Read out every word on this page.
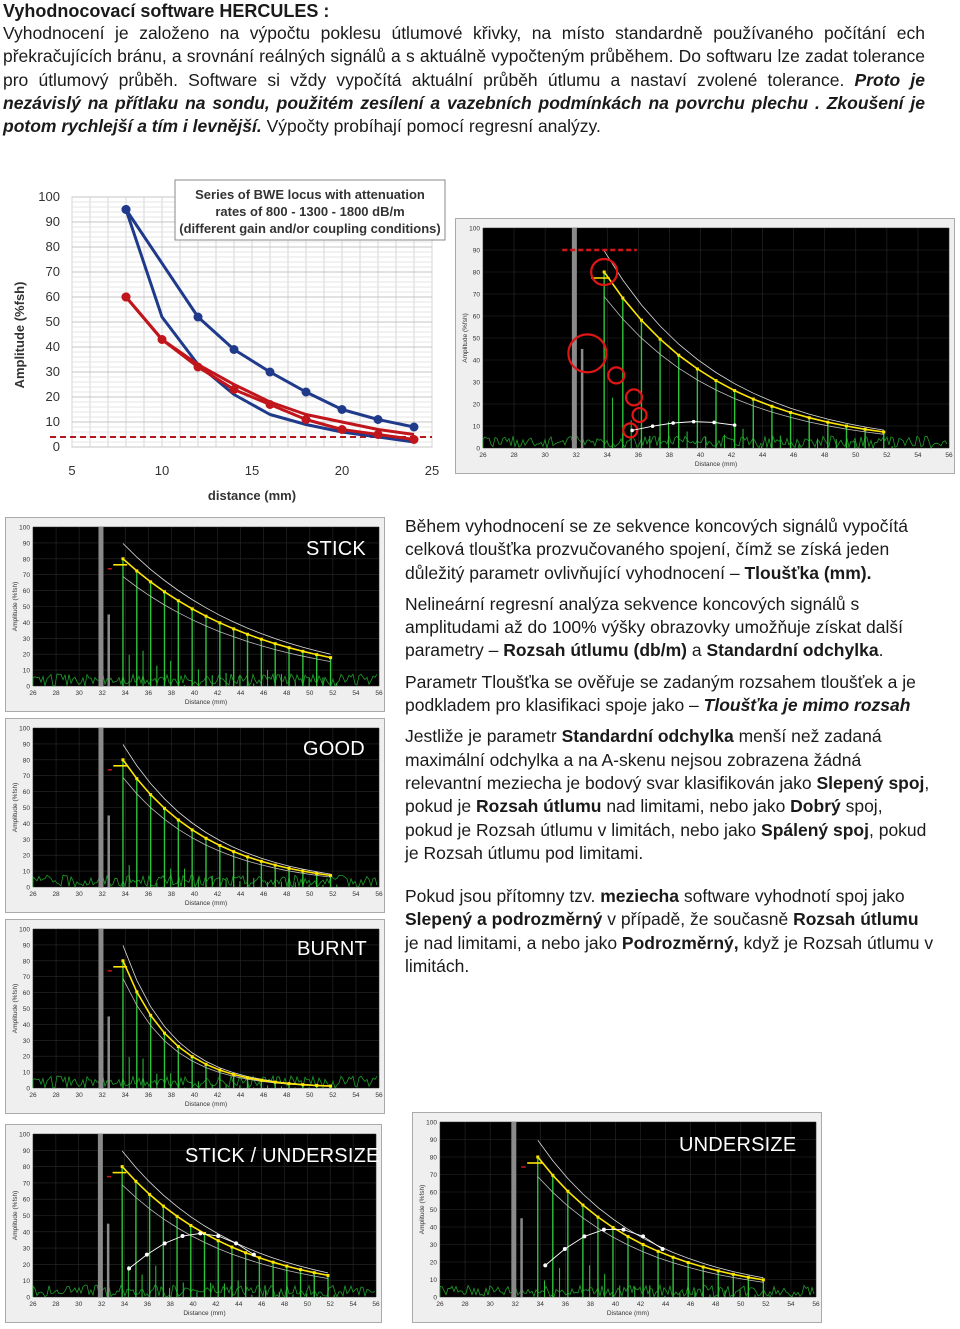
Vyhodnocovací software HERCULES :
Vyhodnocení je založeno na výpočtu poklesu útlumové křivky, na místo standardně používaného počítání ech překračujících bránu, a srovnání reálných signálů a s aktuálně vypočteným průběhem. Do softwaru lze zadat tolerance pro útlumový průběh. Software si vždy vypočítá aktuální průběh útlumu a nastaví zvolené tolerance. Proto je nezávislý na přítlaku na sondu, použitém zesílení a vazebních podmínkách na povrchu plechu . Zkoušení je potom rychlejší a tím i levnější. Výpočty probíhají pomocí regresní analýzy.
Series of BWE locus with attenuation
rates of 800 - 1300 - 1800 dB/m
(different gain and/or coupling conditions)
Amplitude (%fsh)
distance (mm)
100
90
80
70
60
50
40
30
20
10
0
5	10	15	20	25
26	28	30	32	34	36	38	40	42	44	46	48	50	52	54	56
100
90
80
70
60
50
40
30
20
10
0
Distance (mm)
Amplitude (%fsh)
26 28 30 32 34 36 38 40 42 44 46 48 50 52 54 56
100
90
80
70
60
50
40
30
20
10
0
Distance (mm)
Amplitude (%fsh)
STICK
26 28 30 32 34 36 38 40 42 44 46 48 50 52 54 56
100
90
80
70
60
50
40
30
20
10
0
Distance (mm)
Amplitude (%fsh)
GOOD
26 28 30 32 34 36 38 40 42 44 46 48 50 52 54 56
100
90
80
70
60
50
40
30
20
10
0
Distance (mm)
Amplitude (%fsh)
BURNT
26 28 30 32 34 36 38 40 42 44 46 48 50 52 54 56
100
90
80
70
60
50
40
30
20
10
0
Distance (mm)
Amplitude (%fsh)
STICK / UNDERSIZE
26	28	30	32	34	36	38	40	42	44	46	48	50	52	54	56
100
90
80
70
60
50
40
30
20
10
0
Distance (mm)
Amplitude (%fsh)
UNDERSIZE

Během vyhodnocení se ze sekvence koncových signálů vypočítá celková tloušťka prozvučovaného spojení, čímž se získá jeden důležitý parametr ovlivňující vyhodnocení – Tloušťka (mm).

Nelineární regresní analýza sekvence koncových signálů s amplitudami až do 100% výšky obrazovky umožňuje získat další parametry – Rozsah útlumu (db/m) a Standardní odchylka.

Parametr Tloušťka se ověřuje se zadaným rozsahem tloušťek a je podkladem pro klasifikaci spoje jako – Tloušťka je mimo rozsah

Jestliže je parametr Standardní odchylka menší než zadaná maximální odchylka a na A-skenu nejsou zobrazena žádná relevantní meziecha je bodový svar klasifikován jako Slepený spoj, pokud je Rozsah útlumu nad limitami, nebo jako Dobrý spoj, pokud je Rozsah útlumu v limitách, nebo jako Spálený spoj, pokud je Rozsah útlumu pod limitami.

Pokud jsou přítomny tzv. meziecha software vyhodnotí spoj jako Slepený a podrozměrný v případě, že současně Rozsah útlumu je nad limitami, a nebo jako Podrozměrný, když je Rozsah útlumu v limitách.
